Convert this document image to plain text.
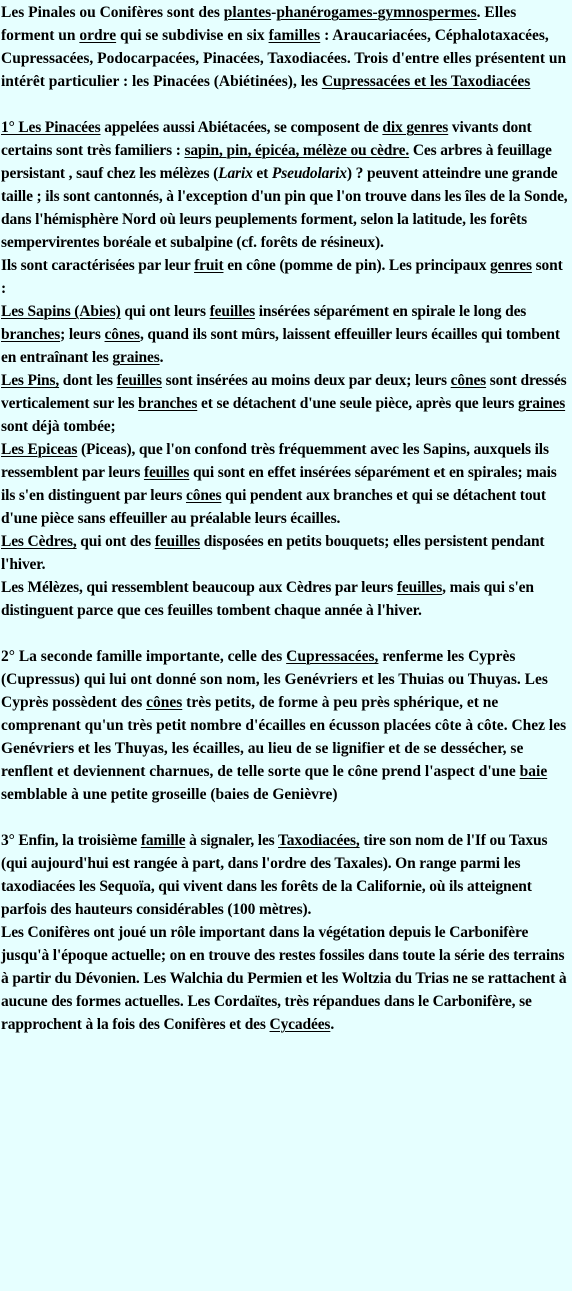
Les Pinales ou Conifères sont des plantes-phanérogames-gymnospermes. Elles forment un ordre qui se subdivise en six familles : Araucariacées, Céphalotaxacées, Cupressacées, Podocarpacées, Pinacées, Taxodiacées. Trois d'entre elles présentent un intérêt particulier : les Pinacées (Abiétinées), les Cupressacées et les Taxodiacées

1° Les Pinacées appelées aussi Abiétacées, se composent de dix genres vivants dont certains sont très familiers : sapin, pin, épicéa, mélèze ou cèdre. Ces arbres à feuillage persistant , sauf chez les mélèzes (Larix et Pseudolarix) ? peuvent atteindre une grande taille ; ils sont cantonnés, à l'exception d'un pin que l'on trouve dans les îles de la Sonde, dans l'hémisphère Nord où leurs peuplements forment, selon la latitude, les forêts sempervirentes boréale et subalpine (cf. forêts de résineux).

Ils sont caractérisées par leur fruit en cône (pomme de pin). Les principaux genres sont :

Les Sapins (Abies) qui ont leurs feuilles insérées séparément en spirale le long des branches; leurs cônes, quand ils sont mûrs, laissent effeuiller leurs écailles qui tombent en entraînant les graines.

Les Pins, dont les feuilles sont insérées au moins deux par deux; leurs cônes sont dressés verticalement sur les branches et se détachent d'une seule pièce, après que leurs graines sont déjà tombée;

Les Epiceas (Piceas), que l'on confond très fréquemment avec les Sapins, auxquels ils ressemblent par leurs feuilles qui sont en effet insérées séparément et en spirales; mais ils s'en distinguent par leurs cônes qui pendent aux branches et qui se détachent tout d'une pièce sans effeuiller au préalable leurs écailles.

Les Cèdres, qui ont des feuilles disposées en petits bouquets; elles persistent pendant l'hiver.

Les Mélèzes, qui ressemblent beaucoup aux Cèdres par leurs feuilles, mais qui s'en distinguent parce que ces feuilles tombent chaque année à l'hiver.

2° La seconde famille importante, celle des Cupressacées, renferme les Cyprès (Cupressus) qui lui ont donné son nom, les Genévriers et les Thuias ou Thuyas. Les Cyprès possèdent des cônes très petits, de forme à peu près sphérique, et ne comprenant qu'un très petit nombre d'écailles en écusson placées côte à côte. Chez les Genévriers et les Thuyas, les écailles, au lieu de se lignifier et de se dessécher, se renflent et deviennent charnues, de telle sorte que le cône prend l'aspect d'une baie semblable à une petite groseille (baies de Genièvre)

3° Enfin, la troisième famille à signaler, les Taxodiacées, tire son nom de l'If ou Taxus (qui aujourd'hui est rangée à part, dans l'ordre des Taxales). On range parmi les taxodiacées les Sequoïa, qui vivent dans les forêts de la Californie, où ils atteignent parfois des hauteurs considérables (100 mètres).

Les Conifères ont joué un rôle important dans la végétation depuis le Carbonifère jusqu'à l'époque actuelle; on en trouve des restes fossiles dans toute la série des terrains à partir du Dévonien. Les Walchia du Permien et les Woltzia du Trias ne se rattachent à aucune des formes actuelles. Les Cordaïtes, très répandues dans le Carbonifère, se rapprochent à la fois des Conifères et des Cycadées.
